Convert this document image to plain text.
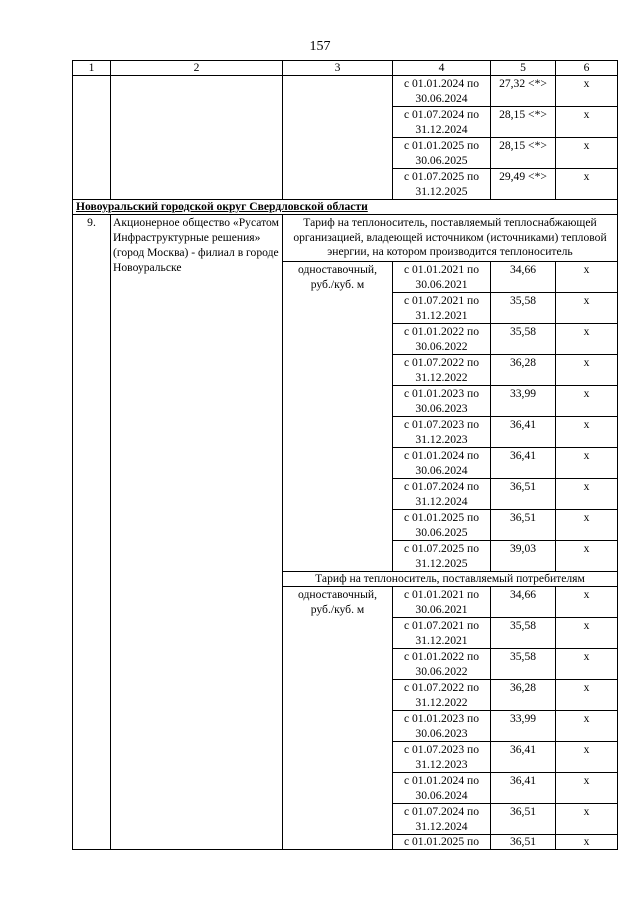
157
1	2	3	4	5	6
			с 01.01.2024 по 30.06.2024	27,32 <*>	x
			с 01.07.2024 по 31.12.2024	28,15 <*>	x
			с 01.01.2025 по 30.06.2025	28,15 <*>	x
			с 01.07.2025 по 31.12.2025	29,49 <*>	x
Новоуральский городской округ Свердловской области					
9.	Акционерное общество «Русатом Инфраструктурные решения» (город Москва) - филиал в городе Новоуральске	Тариф на теплоноситель, поставляемый теплоснабжающей организацией, владеющей источником (источниками) тепловой энергии, на котором производится теплоноситель			
		одноставочный, руб./куб. м	с 01.01.2021 по 30.06.2021	34,66	x
			с 01.07.2021 по 31.12.2021	35,58	x
			с 01.01.2022 по 30.06.2022	35,58	x
			с 01.07.2022 по 31.12.2022	36,28	x
			с 01.01.2023 по 30.06.2023	33,99	x
			с 01.07.2023 по 31.12.2023	36,41	x
			с 01.01.2024 по 30.06.2024	36,41	x
			с 01.07.2024 по 31.12.2024	36,51	x
			с 01.01.2025 по 30.06.2025	36,51	x
			с 01.07.2025 по 31.12.2025	39,03	x
		Тариф на теплоноситель, поставляемый потребителям			
		одноставочный, руб./куб. м	с 01.01.2021 по 30.06.2021	34,66	x
			с 01.07.2021 по 31.12.2021	35,58	x
			с 01.01.2022 по 30.06.2022	35,58	x
			с 01.07.2022 по 31.12.2022	36,28	x
			с 01.01.2023 по 30.06.2023	33,99	x
			с 01.07.2023 по 31.12.2023	36,41	x
			с 01.01.2024 по 30.06.2024	36,41	x
			с 01.07.2024 по 31.12.2024	36,51	x
			с 01.01.2025 по	36,51	x
